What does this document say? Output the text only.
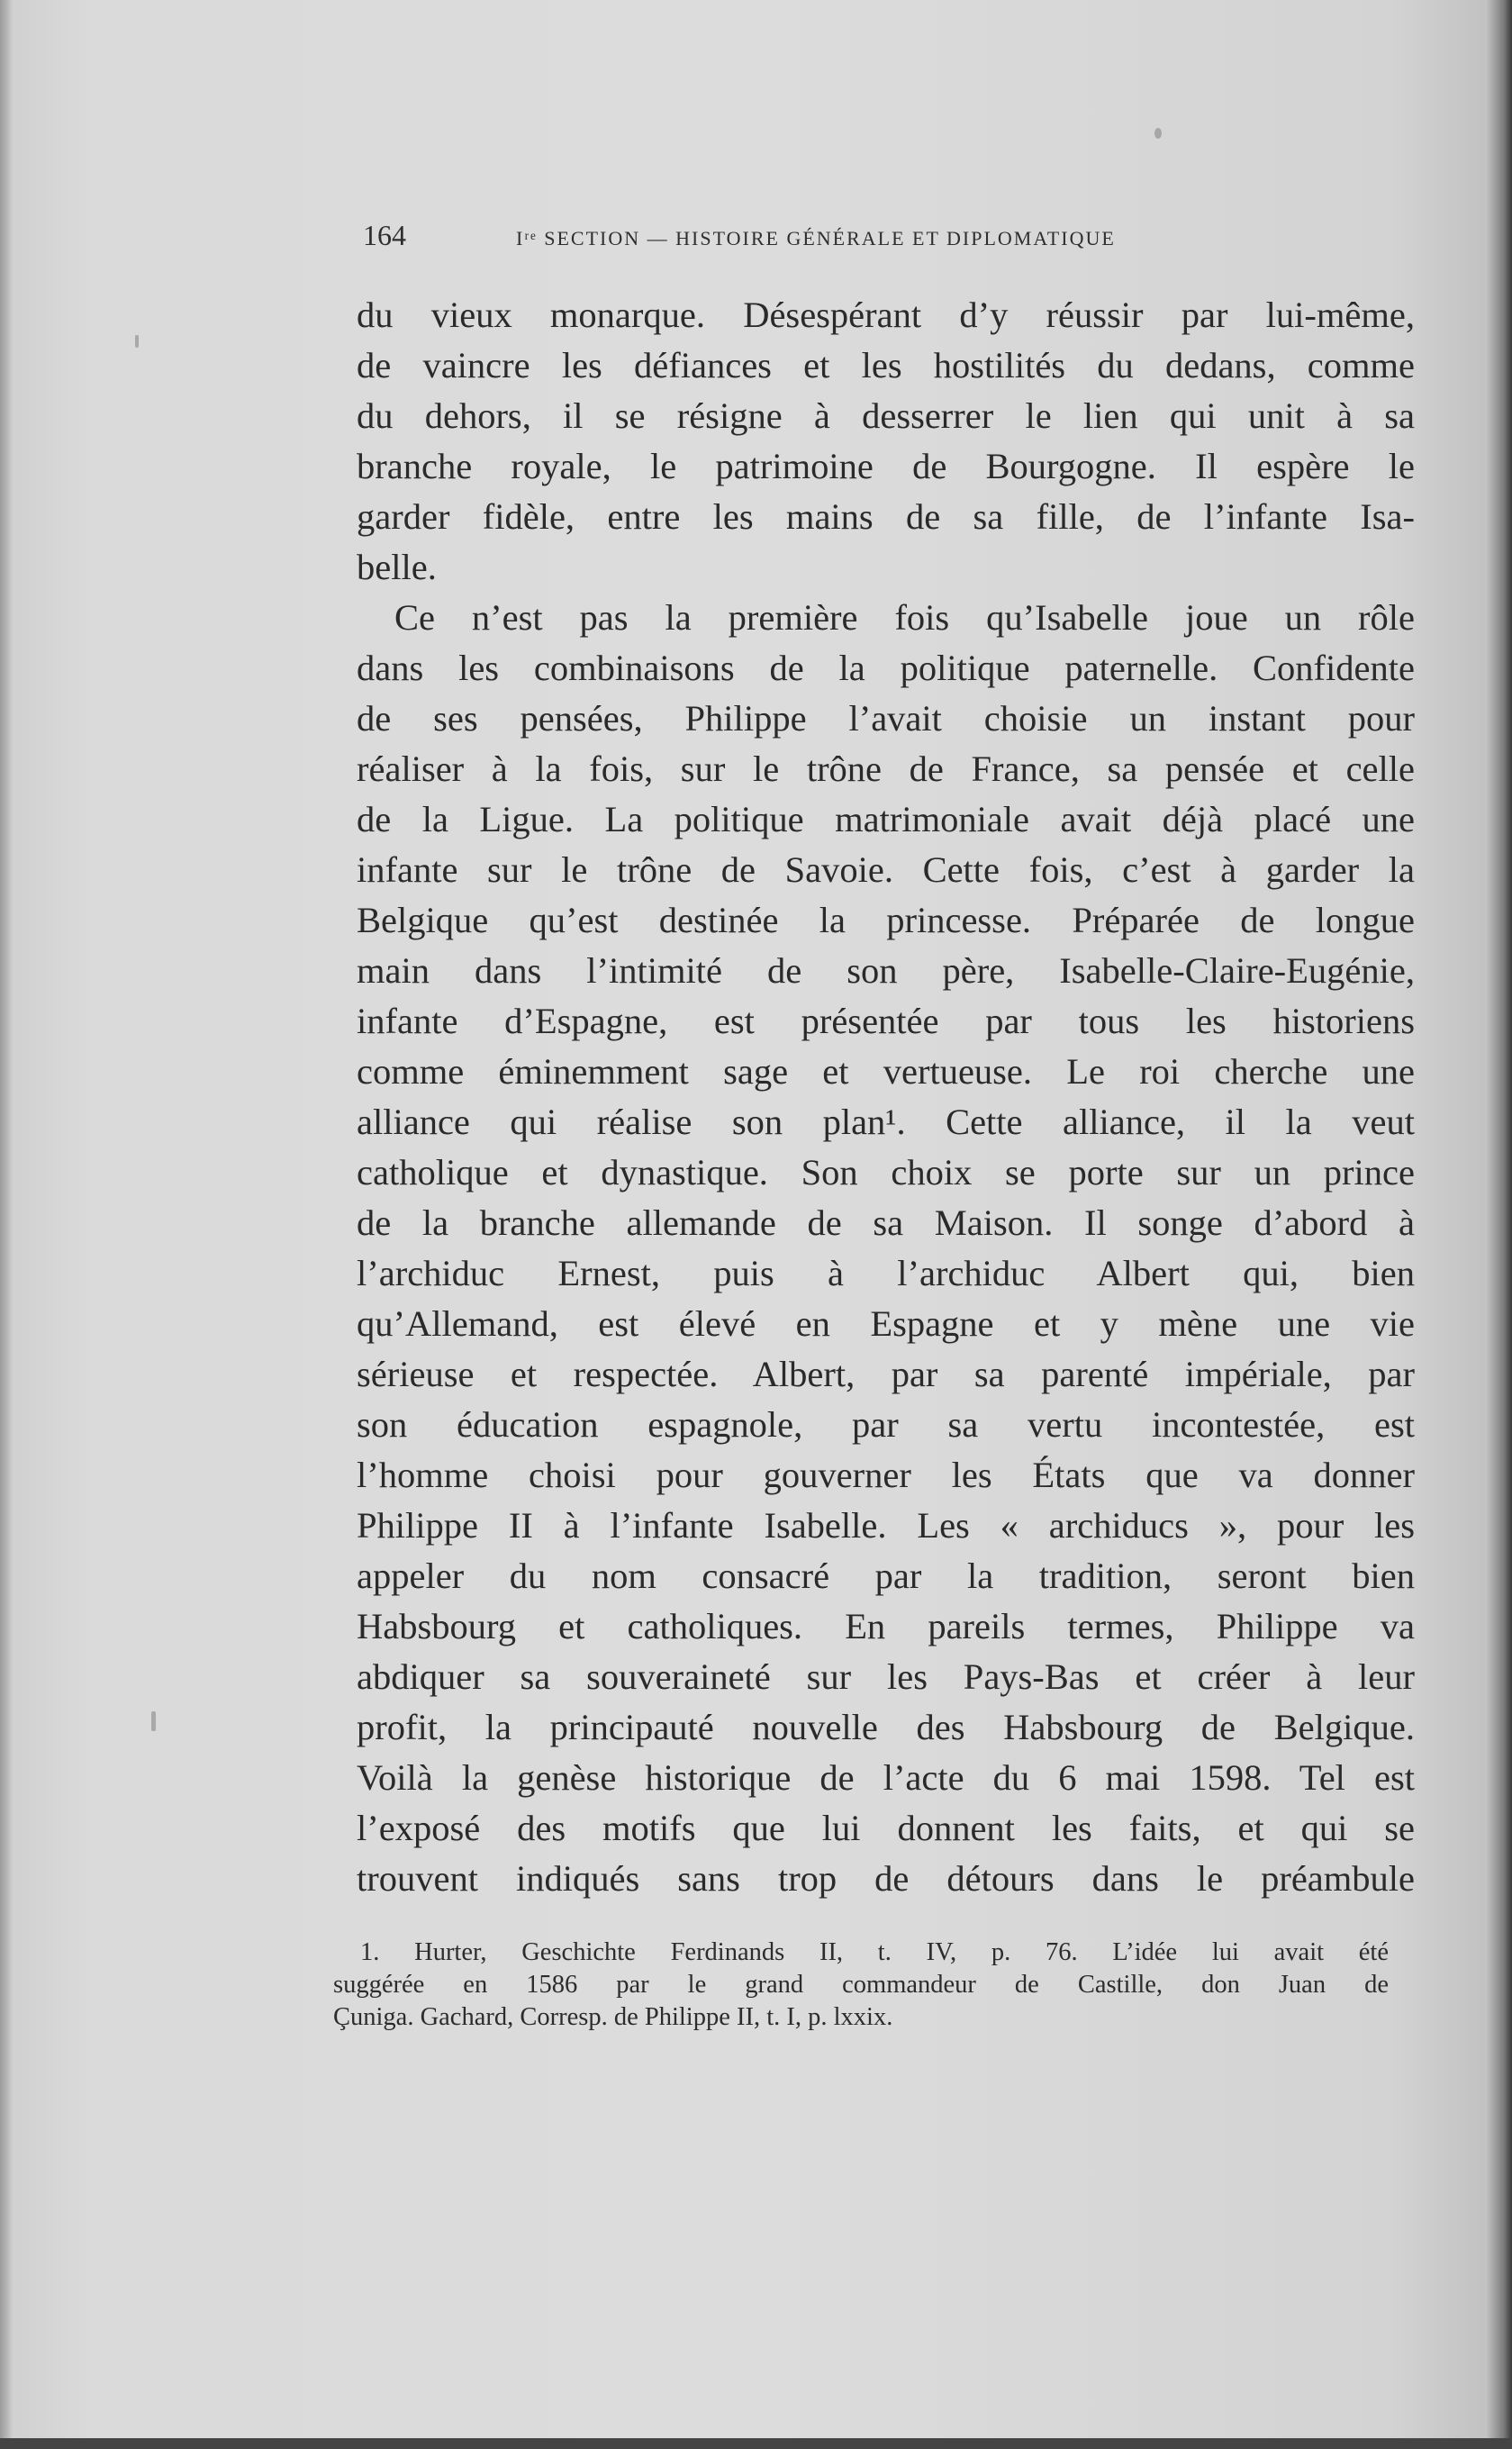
164	Iʳᵉ SECTION — HISTOIRE GÉNÉRALE ET DIPLOMATIQUE
du vieux monarque. Désespérant d’y réussir par lui-même,
de vaincre les défiances et les hostilités du dedans, comme
du dehors, il se résigne à desserrer le lien qui unit à sa
branche royale, le patrimoine de Bourgogne. Il espère le
garder fidèle, entre les mains de sa fille, de l’infante Isa-
belle.
Ce n’est pas la première fois qu’Isabelle joue un rôle
dans les combinaisons de la politique paternelle. Confidente
de ses pensées, Philippe l’avait choisie un instant pour
réaliser à la fois, sur le trône de France, sa pensée et celle
de la Ligue. La politique matrimoniale avait déjà placé une
infante sur le trône de Savoie. Cette fois, c’est à garder la
Belgique qu’est destinée la princesse. Préparée de longue
main dans l’intimité de son père, Isabelle-Claire-Eugénie,
infante d’Espagne, est présentée par tous les historiens
comme éminemment sage et vertueuse. Le roi cherche une
alliance qui réalise son plan¹. Cette alliance, il la veut
catholique et dynastique. Son choix se porte sur un prince
de la branche allemande de sa Maison. Il songe d’abord à
l’archiduc Ernest, puis à l’archiduc Albert qui, bien
qu’Allemand, est élevé en Espagne et y mène une vie
sérieuse et respectée. Albert, par sa parenté impériale, par
son éducation espagnole, par sa vertu incontestée, est
l’homme choisi pour gouverner les États que va donner
Philippe II à l’infante Isabelle. Les « archiducs », pour les
appeler du nom consacré par la tradition, seront bien
Habsbourg et catholiques. En pareils termes, Philippe va
abdiquer sa souveraineté sur les Pays-Bas et créer à leur
profit, la principauté nouvelle des Habsbourg de Belgique.
Voilà la genèse historique de l’acte du 6 mai 1598. Tel est
l’exposé des motifs que lui donnent les faits, et qui se
trouvent indiqués sans trop de détours dans le préambule
1. Hurter, Geschichte Ferdinands II, t. IV, p. 76. L’idée lui avait été
suggérée en 1586 par le grand commandeur de Castille, don Juan de
Çuniga. Gachard, Corresp. de Philippe II, t. I, p. lxxix.
